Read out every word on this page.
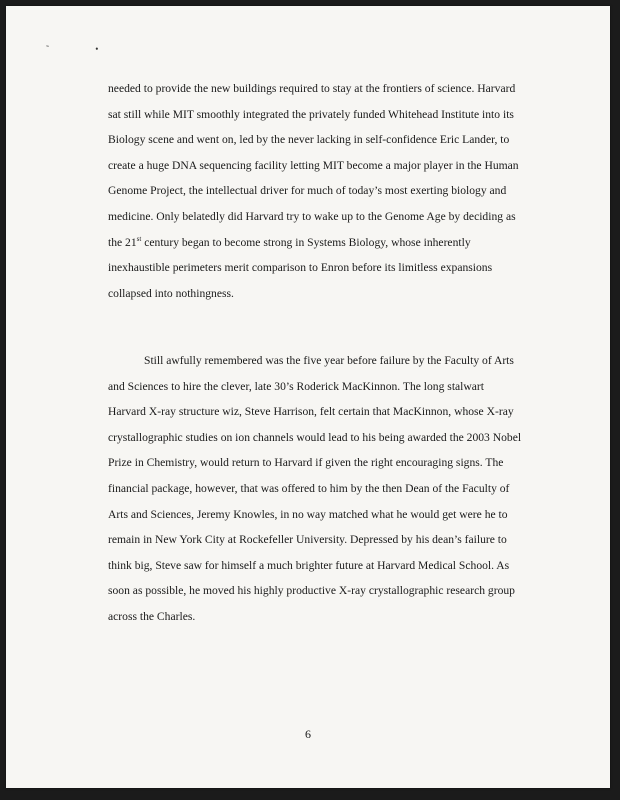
˜ •
needed to provide the new buildings required to stay at the frontiers of science. Harvard
sat still while MIT smoothly integrated the privately funded Whitehead Institute into its
Biology scene and went on, led by the never lacking in self-confidence Eric Lander, to
create a huge DNA sequencing facility letting MIT become a major player in the Human
Genome Project, the intellectual driver for much of today’s most exerting biology and
medicine. Only belatedly did Harvard try to wake up to the Genome Age by deciding as
the 21st century began to become strong in Systems Biology, whose inherently
inexhaustible perimeters merit comparison to Enron before its limitless expansions
collapsed into nothingness.
Still awfully remembered was the five year before failure by the Faculty of Arts
and Sciences to hire the clever, late 30’s Roderick MacKinnon. The long stalwart
Harvard X-ray structure wiz, Steve Harrison, felt certain that MacKinnon, whose X-ray
crystallographic studies on ion channels would lead to his being awarded the 2003 Nobel
Prize in Chemistry, would return to Harvard if given the right encouraging signs. The
financial package, however, that was offered to him by the then Dean of the Faculty of
Arts and Sciences, Jeremy Knowles, in no way matched what he would get were he to
remain in New York City at Rockefeller University. Depressed by his dean’s failure to
think big, Steve saw for himself a much brighter future at Harvard Medical School. As
soon as possible, he moved his highly productive X-ray crystallographic research group
across the Charles.
6
